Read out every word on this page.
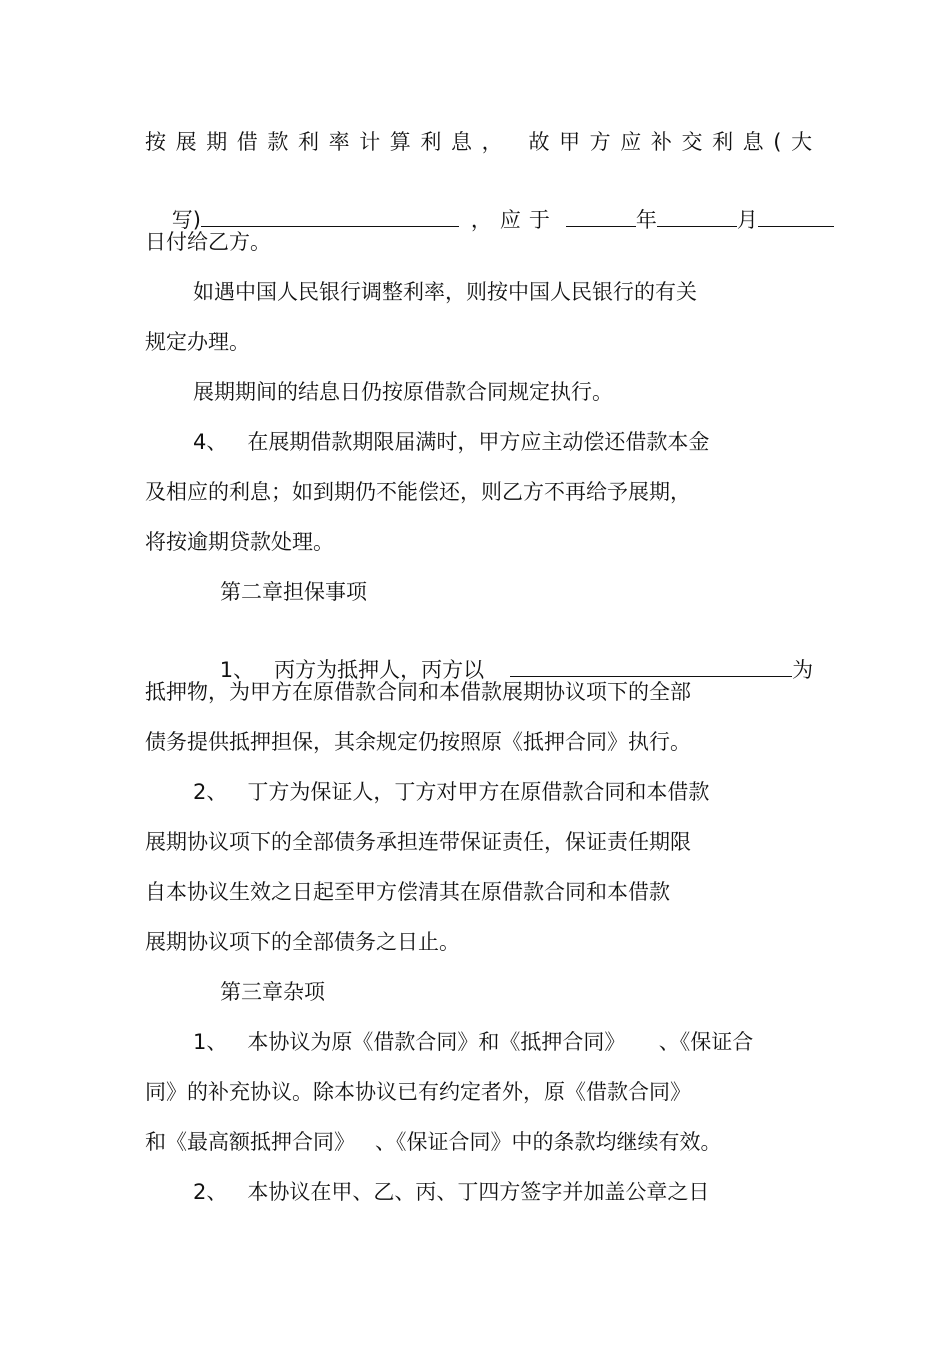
按展期借款利率计算利息， 故甲方应补交利息(大

写)	，应于	年	月

日付给乙方。
如遇中国人民银行调整利率，则按中国人民银行的有关
规定办理。
展期期间的结息日仍按原借款合同规定执行。
4、   在展期借款期限届满时，甲方应主动偿还借款本金
及相应的利息；如到期仍不能偿还，则乙方不再给予展期，
将按逾期贷款处理。
第二章担保事项

1、   丙方为抵押人，丙方以	为

抵押物，为甲方在原借款合同和本借款展期协议项下的全部
债务提供抵押担保，其余规定仍按照原《抵押合同》执行。
2、   丁方为保证人，丁方对甲方在原借款合同和本借款
展期协议项下的全部债务承担连带保证责任，保证责任期限
自本协议生效之日起至甲方偿清其在原借款合同和本借款
展期协议项下的全部债务之日止。
第三章杂项
1、   本协议为原《借款合同》和《抵押合同》     、《保证合
同》的补充协议。除本协议已有约定者外，原《借款合同》
和《最高额抵押合同》   、《保证合同》中的条款均继续有效。
2、   本协议在甲、乙、丙、丁四方签字并加盖公章之日
